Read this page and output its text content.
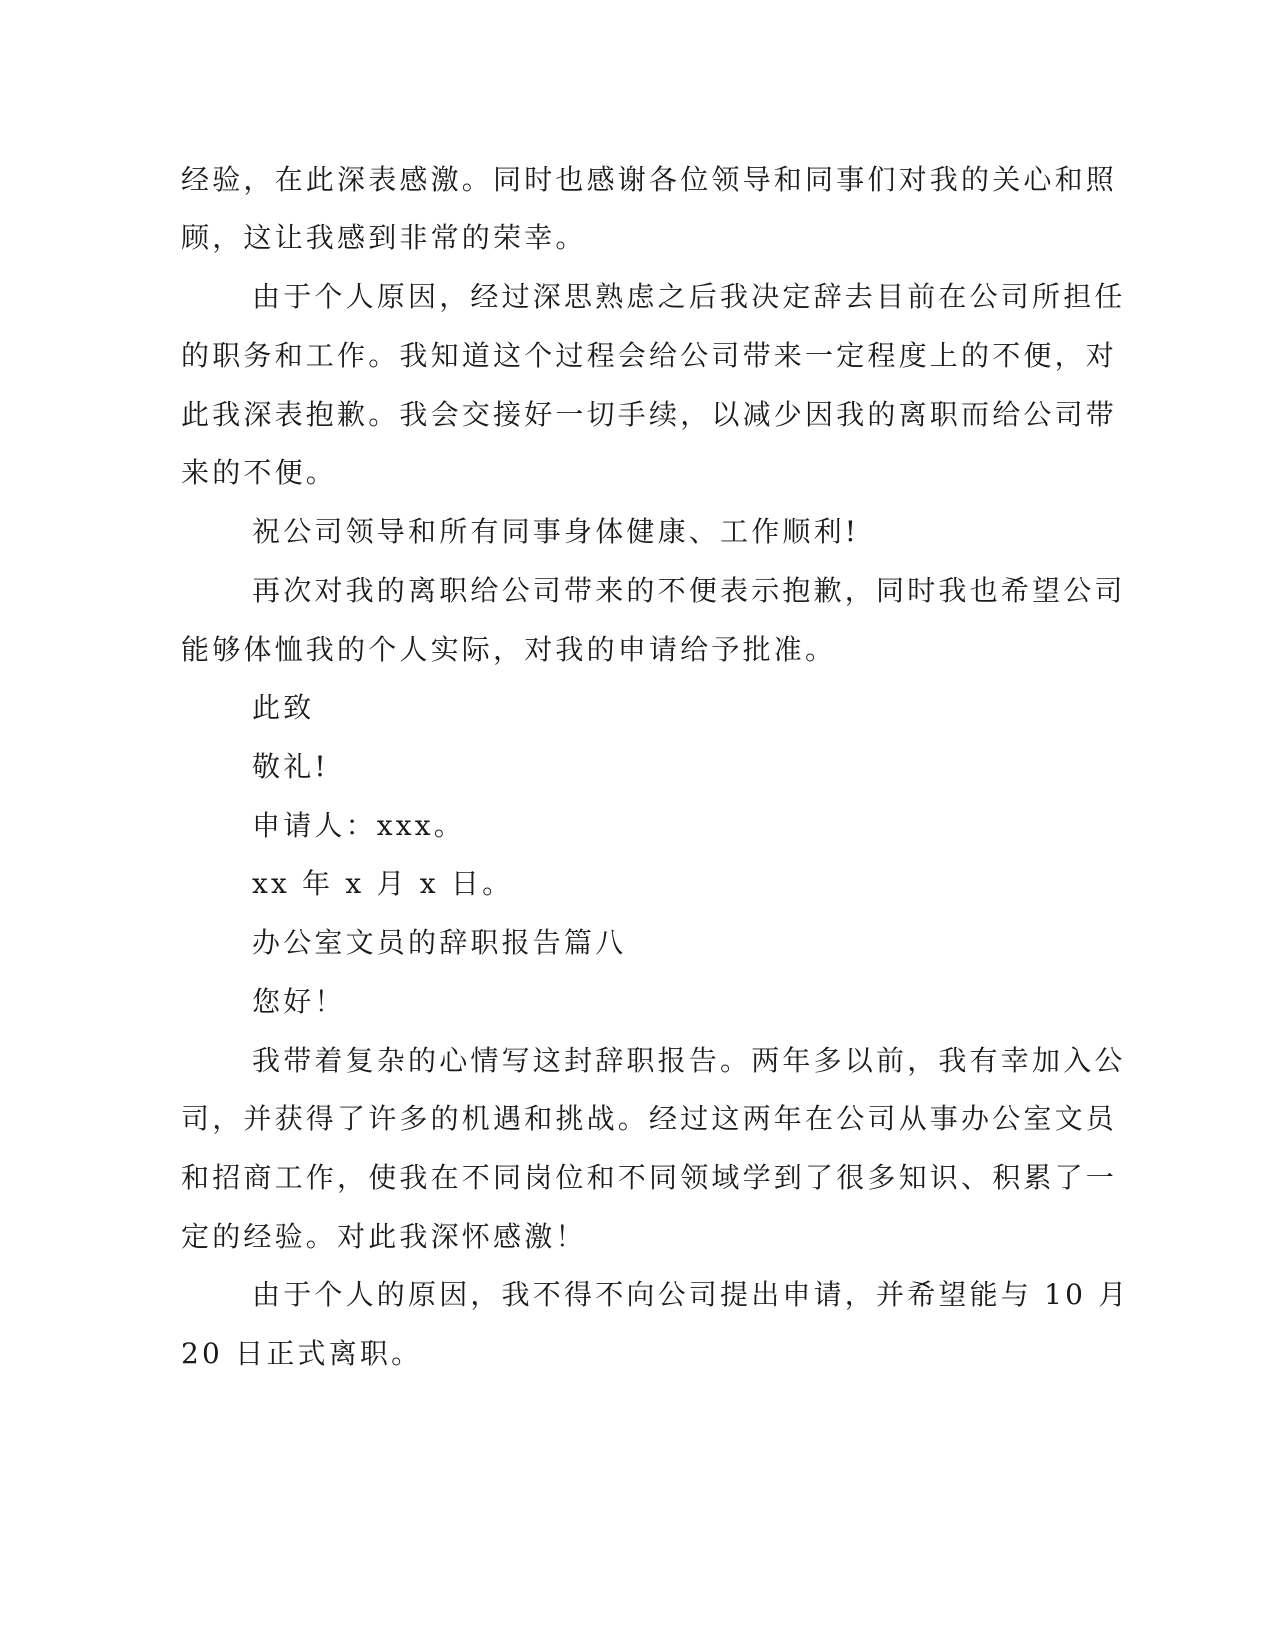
经验，在此深表感激。同时也感谢各位领导和同事们对我的关心和照
顾，这让我感到非常的荣幸。
由于个人原因，经过深思熟虑之后我决定辞去目前在公司所担任
的职务和工作。我知道这个过程会给公司带来一定程度上的不便，对
此我深表抱歉。我会交接好一切手续，以减少因我的离职而给公司带
来的不便。
祝公司领导和所有同事身体健康、工作顺利!
再次对我的离职给公司带来的不便表示抱歉，同时我也希望公司
能够体恤我的个人实际，对我的申请给予批准。
此致
敬礼!
申请人：xxx。
xx 年 x 月 x 日。
办公室文员的辞职报告篇八
您好！
我带着复杂的心情写这封辞职报告。两年多以前，我有幸加入公
司，并获得了许多的机遇和挑战。经过这两年在公司从事办公室文员
和招商工作，使我在不同岗位和不同领域学到了很多知识、积累了一
定的经验。对此我深怀感激！
由于个人的原因，我不得不向公司提出申请，并希望能与 10 月
20 日正式离职。
